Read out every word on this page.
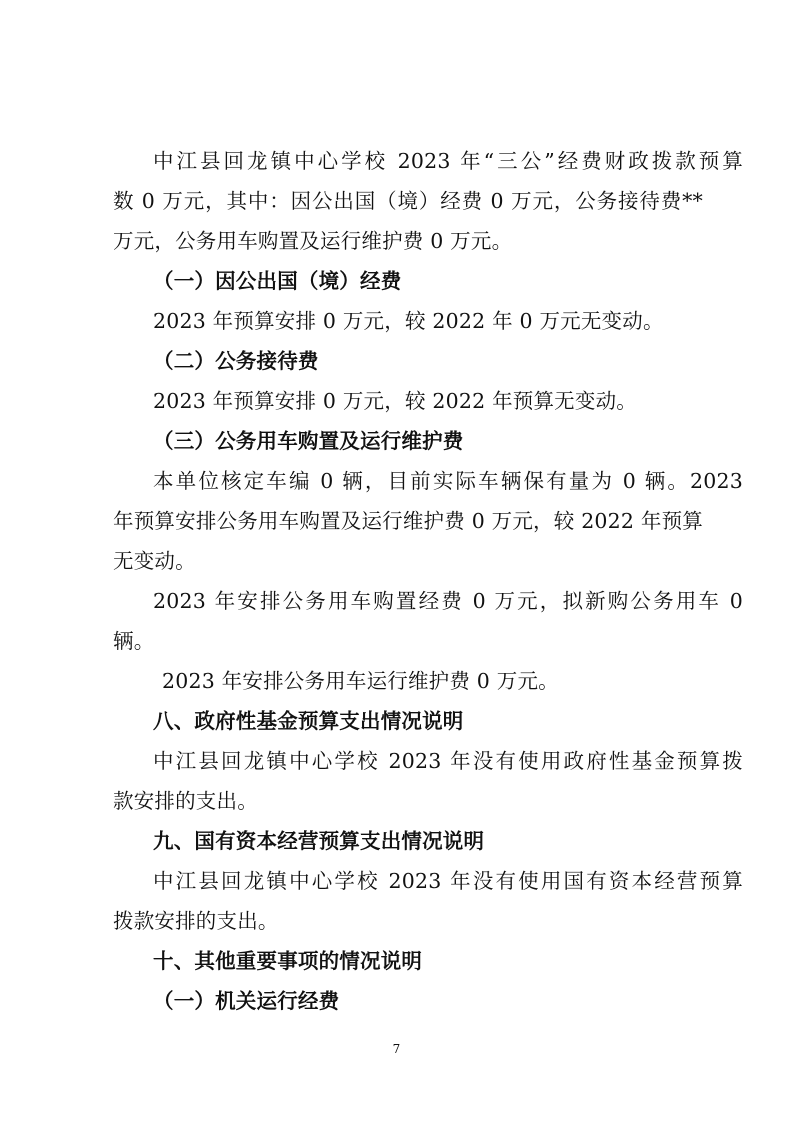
中江县回龙镇中心学校 2023 年“三公”经费财政拨款预算
数 0 万元，其中：因公出国（境）经费 0 万元，公务接待费**
万元，公务用车购置及运行维护费 0 万元。
（一）因公出国（境）经费
2023 年预算安排 0 万元，较 2022 年 0 万元无变动。
（二）公务接待费
2023 年预算安排 0 万元，较 2022 年预算无变动。
（三）公务用车购置及运行维护费
本单位核定车编 0 辆，目前实际车辆保有量为 0 辆。2023
年预算安排公务用车购置及运行维护费 0 万元，较 2022 年预算
无变动。
2023 年安排公务用车购置经费 0 万元，拟新购公务用车 0
辆。
2023 年安排公务用车运行维护费 0 万元。
八、政府性基金预算支出情况说明
中江县回龙镇中心学校 2023 年没有使用政府性基金预算拨
款安排的支出。
九、国有资本经营预算支出情况说明
中江县回龙镇中心学校 2023 年没有使用国有资本经营预算
拨款安排的支出。
十、其他重要事项的情况说明
（一）机关运行经费
7
